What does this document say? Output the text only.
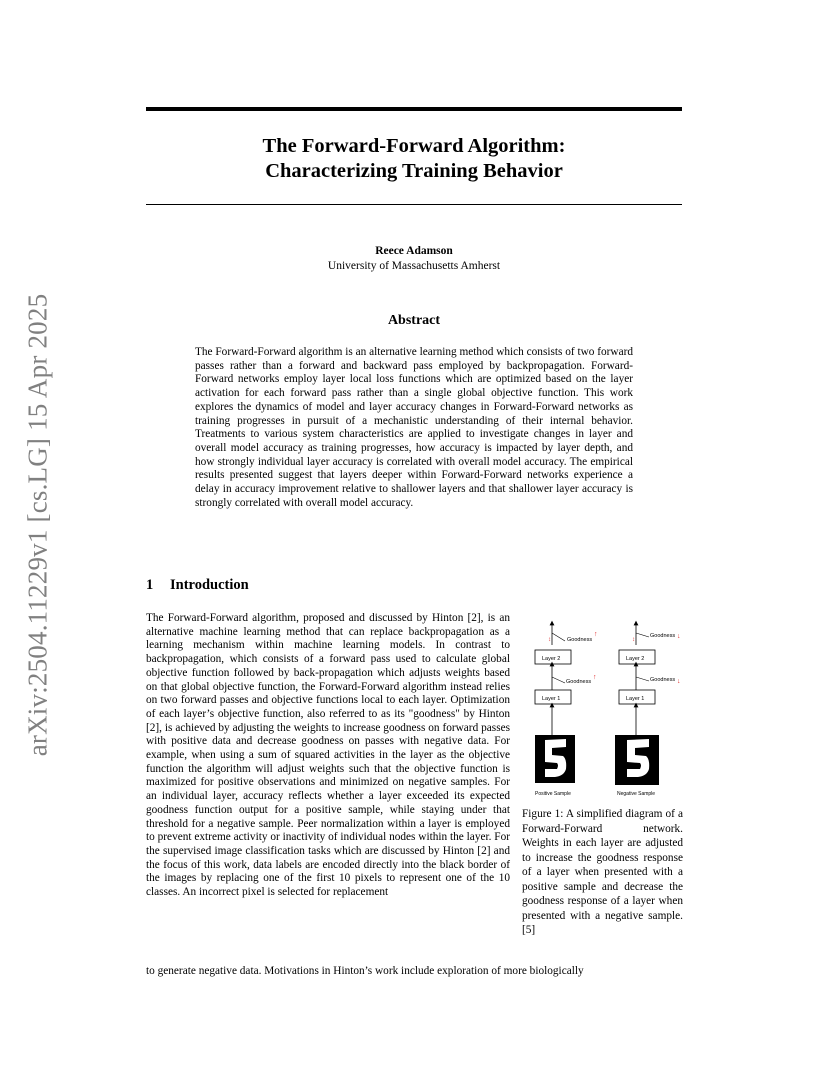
arXiv:2504.11229v1 [cs.LG] 15 Apr 2025
The Forward-Forward Algorithm:
Characterizing Training Behavior
Reece Adamson
University of Massachusetts Amherst
Abstract
The Forward-Forward algorithm is an alternative learning method which consists of two forward passes rather than a forward and backward pass employed by backpropagation. Forward-Forward networks employ layer local loss functions which are optimized based on the layer activation for each forward pass rather than a single global objective function. This work explores the dynamics of model and layer accuracy changes in Forward-Forward networks as training progresses in pursuit of a mechanistic understanding of their internal behavior. Treatments to various system characteristics are applied to investigate changes in layer and overall model accuracy as training progresses, how accuracy is impacted by layer depth, and how strongly individual layer accuracy is correlated with overall model accuracy. The empirical results presented suggest that layers deeper within Forward-Forward networks experience a delay in accuracy improvement relative to shallower layers and that shallower layer accuracy is strongly correlated with overall model accuracy.
1 Introduction
The Forward-Forward algorithm, proposed and discussed by Hinton [2], is an alternative machine learning method that can replace backpropagation as a learning mechanism within machine learning models. In contrast to backpropagation, which consists of a forward pass used to calculate global objective function followed by back-propagation which adjusts weights based on that global objective function, the Forward-Forward algorithm instead relies on two forward passes and objective functions local to each layer. Optimization of each layer’s objective function, also referred to as its "goodness" by Hinton [2], is achieved by adjusting the weights to increase goodness on forward passes with positive data and decrease goodness on passes with negative data. For example, when using a sum of squared activities in the layer as the objective function the algorithm will adjust weights such that the objective function is maximized for positive observations and minimized on negative samples. For an individual layer, accuracy reflects whether a layer exceeded its expected goodness function output for a positive sample, while staying under that threshold for a negative sample. Peer normalization within a layer is employed to prevent extreme activity or inactivity of individual nodes within the layer. For the supervised image classification tasks which are discussed by Hinton [2] and the focus of this work, data labels are encoded directly into the black border of the images by replacing one of the first 10 pixels to represent one of the 10 classes. An incorrect pixel is selected for replacement
to generate negative data. Motivations in Hinton’s work include exploration of more biologically
Goodness
↑
↕
Layer 2
Goodness
↑
Layer 1
Positive Sample
Goodness ↓
↕
Layer 2
Goodness ↓
Layer 1
Negative Sample
Figure 1: A simplified diagram of a Forward-Forward network. Weights in each layer are adjusted to increase the goodness response of a layer when presented with a positive sample and decrease the goodness response of a layer when presented with a negative sample. [5]
